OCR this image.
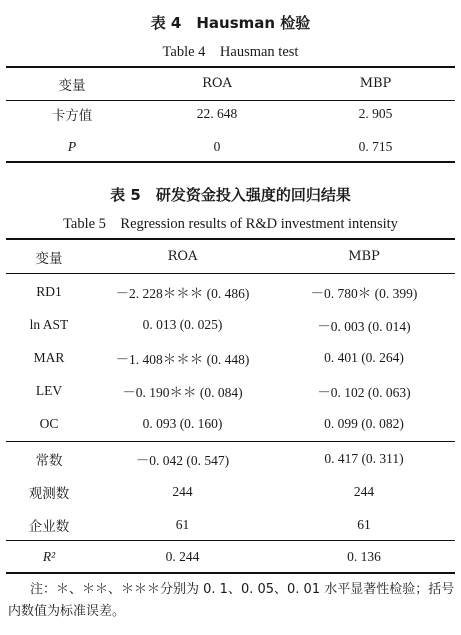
表 4　Hausman 检验
Table 4　Hausman test
变量	ROA	MBP
卡方值	22. 648	2. 905
P	0	0. 715
表 5　研发资金投入强度的回归结果
Table 5　Regression results of R&D investment intensity
变量	ROA	MBP
RD1	－2. 228＊＊＊ (0. 486)	－0. 780＊ (0. 399)
ln AST	0. 013 (0. 025)	－0. 003 (0. 014)
MAR	－1. 408＊＊＊ (0. 448)	0. 401 (0. 264)
LEV	－0. 190＊＊ (0. 084)	－0. 102 (0. 063)
OC	0. 093 (0. 160)	0. 099 (0. 082)
常数	－0. 042 (0. 547)	0. 417 (0. 311)
观测数	244	244
企业数	61	61
R²	0. 244	0. 136
注：＊、＊＊、＊＊＊分别为 0. 1、0. 05、0. 01 水平显著性检验；括号
内数值为标准误差。
